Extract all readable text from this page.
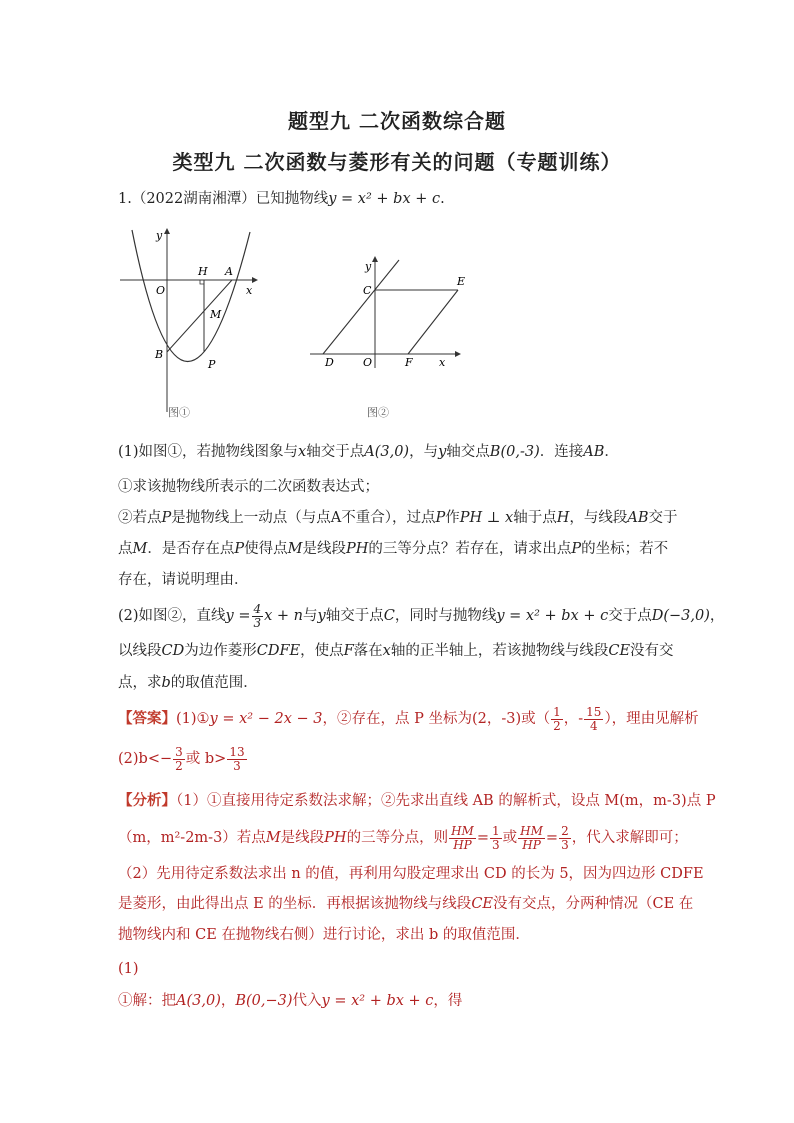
题型九 二次函数综合题
类型九 二次函数与菱形有关的问题（专题训练）
1.（2022湖南湘潭）已知抛物线y = x² + bx + c.
y
x
O
H A
M
B
P
图①
y
x
C
E
D	O	F
图②
(1)如图①，若抛物线图象与x轴交于点A(3,0)，与y轴交点B(0,-3)．连接AB．
①求该抛物线所表示的二次函数表达式；
②若点P是抛物线上一动点（与点A不重合），过点P作PH ⊥ x轴于点H，与线段AB交于
点M．是否存在点P使得点M是线段PH的三等分点？若存在，请求出点P的坐标；若不
存在，请说明理由．
(2)如图②，直线$y = \frac{4}{3}$ x + n与y轴交于点C，同时与抛物线y = x² + bx + c交于点D(−3,0)，
以线段CD为边作菱形CDFE，使点F落在x轴的正半轴上，若该抛物线与线段CE没有交
点，求b的取值范围．
【答案】(1)①y = x² − 2x − 3，②存在，点 P 坐标为(2，-3)或（ $\frac{1}{2}$ ，- $\frac{15}{4}$ ），理由见解析
$(2)b<- \frac{3}{2}$ 或 $b> \frac{13}{3}$
【分析】（1）①直接用待定系数法求解；②先求出直线 AB 的解析式，设点 M(m，m-3)点 P
（m，m²-2m-3）若点M是线段PH的三等分点，则 $\frac{HM}{HP} = \frac{1}{3}$ 或 $\frac{HM}{HP} = \frac{2}{3}$ ，代入求解即可；
（2）先用待定系数法求出 n 的值，再利用勾股定理求出 CD 的长为 5，因为四边形 CDFE
是菱形，由此得出点 E 的坐标．再根据该抛物线与线段CE没有交点，分两种情况（CE 在
抛物线内和 CE 在抛物线右侧）进行讨论，求出 b 的取值范围．
(1)
①解：把A(3,0)，B(0,−3)代入y = x² + bx + c，得
